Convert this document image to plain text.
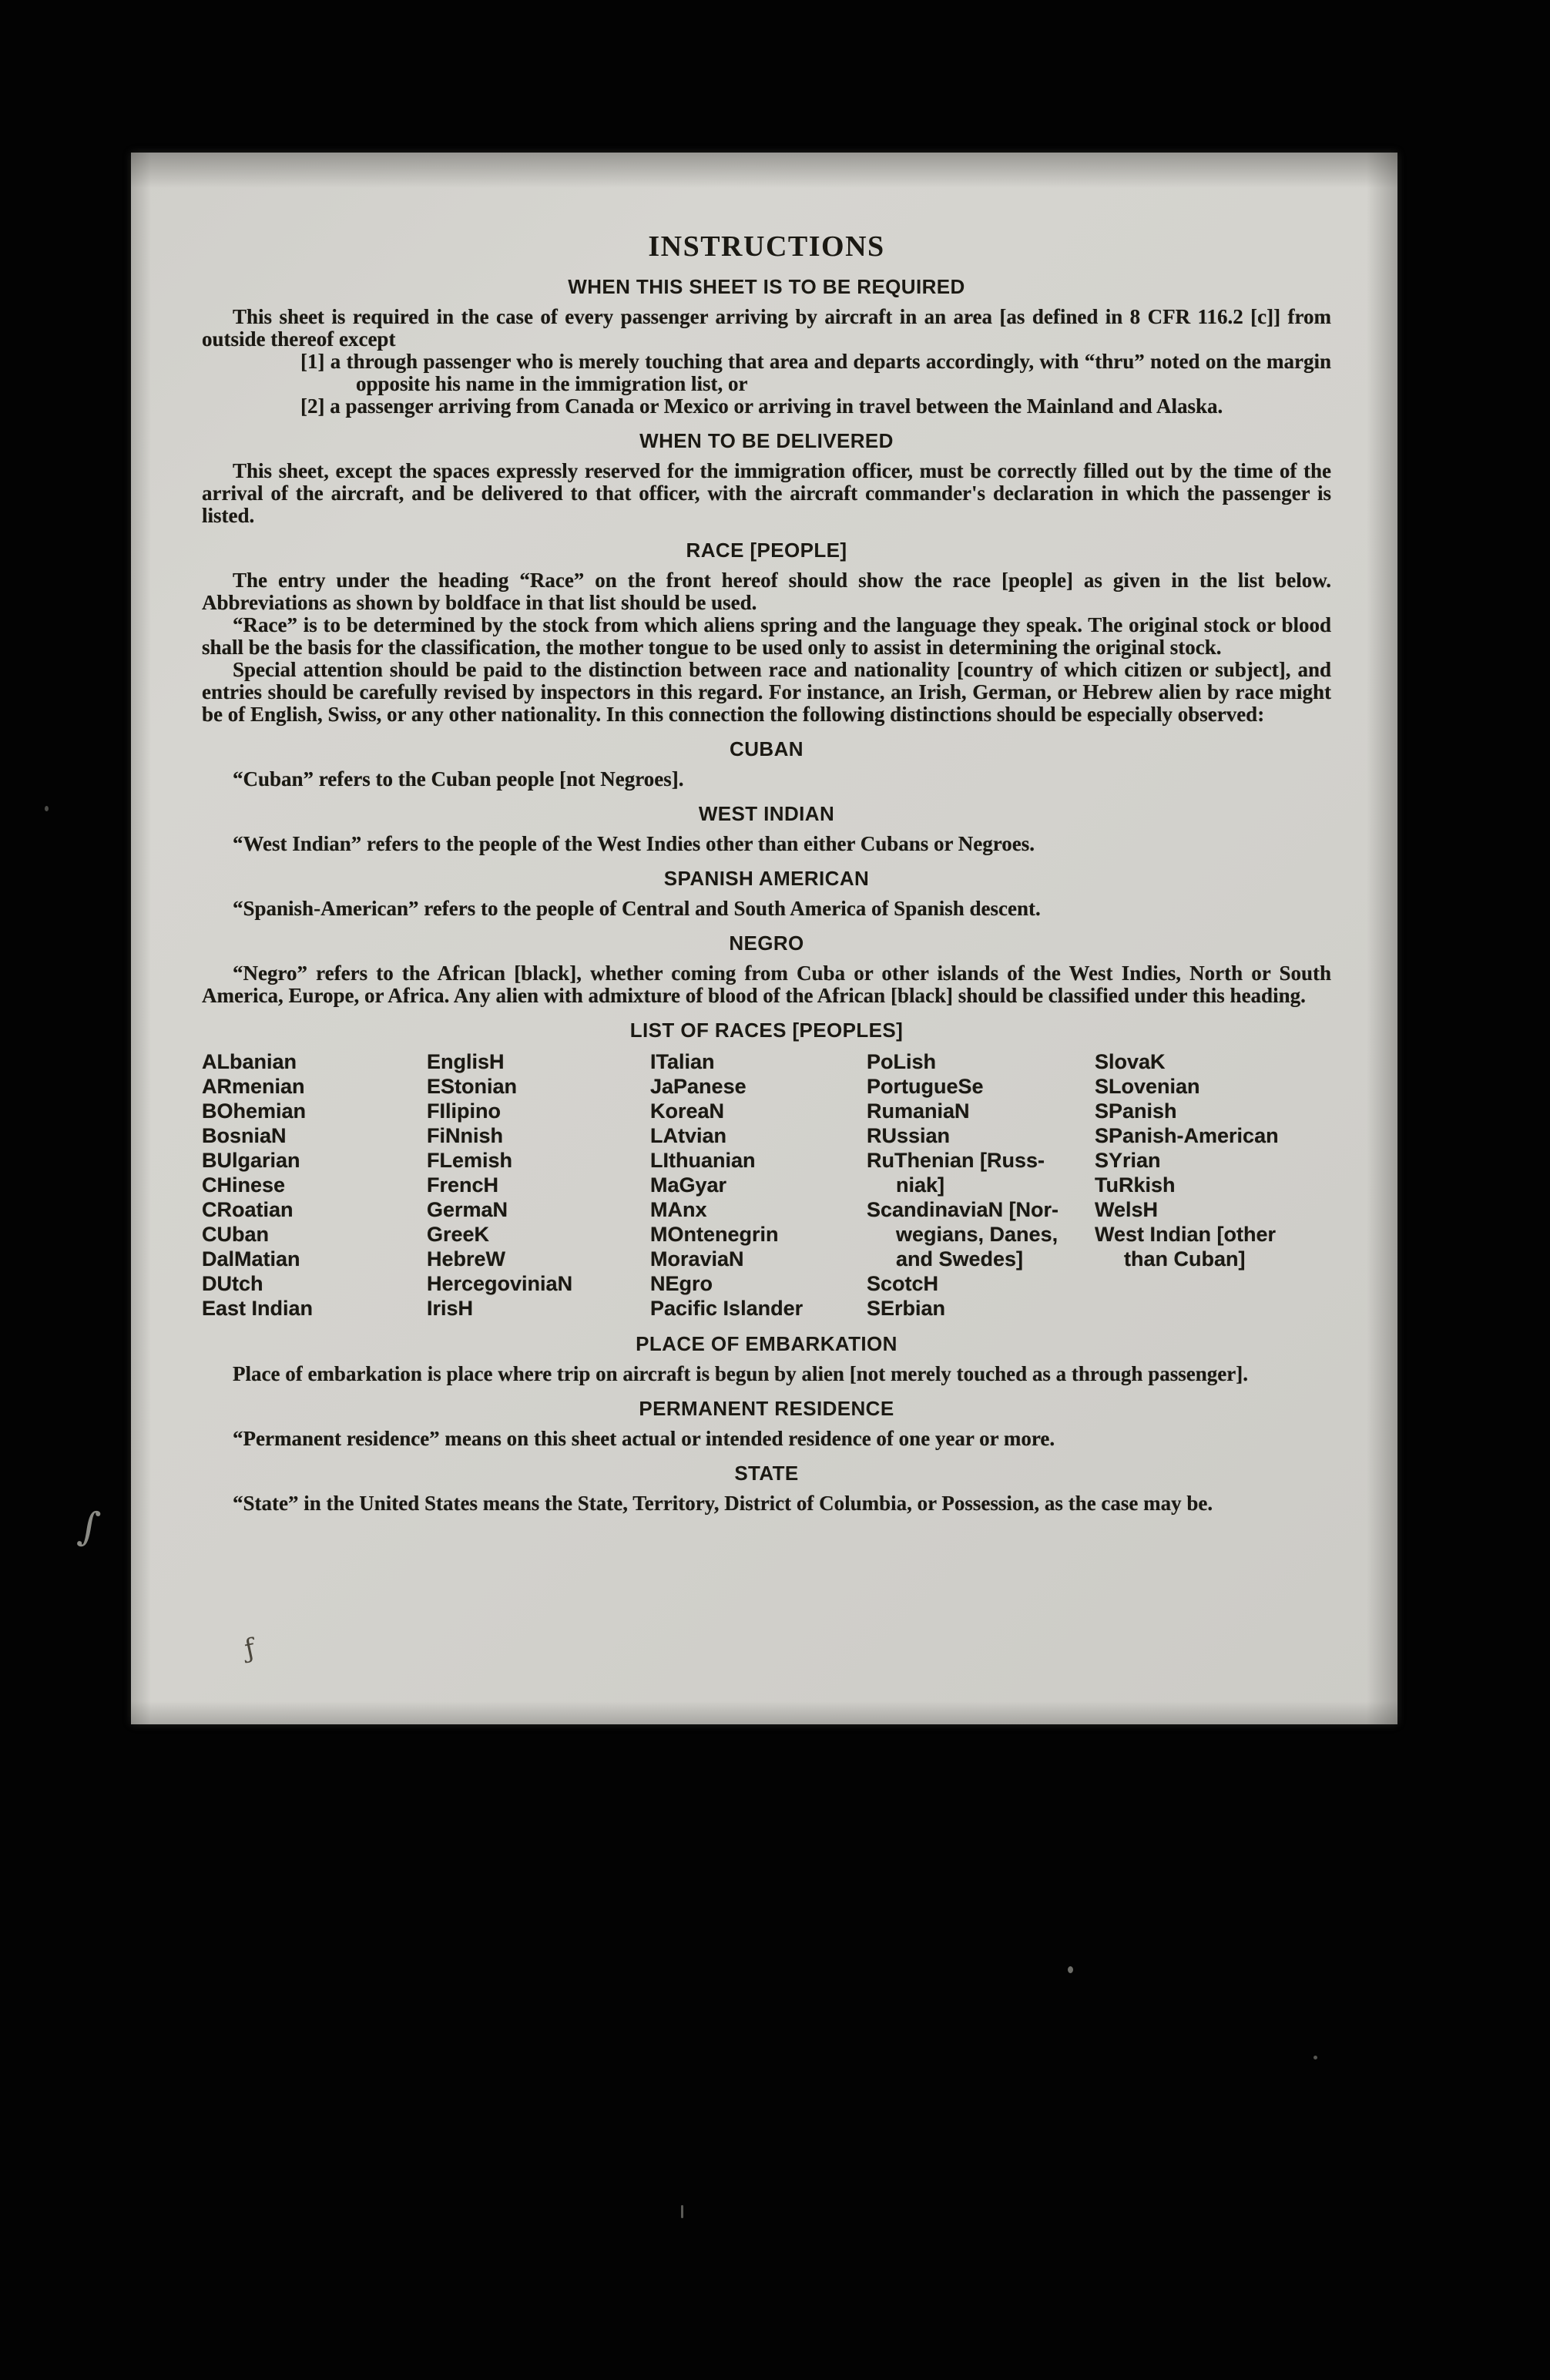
INSTRUCTIONS
WHEN THIS SHEET IS TO BE REQUIRED

This sheet is required in the case of every passenger arriving by aircraft in an area [as defined in 8 CFR 116.2 [c]] from outside thereof except

[1] a through passenger who is merely touching that area and departs accordingly, with “thru” noted on the margin opposite his name in the immigration list, or

[2] a passenger arriving from Canada or Mexico or arriving in travel between the Mainland and Alaska.

WHEN TO BE DELIVERED

This sheet, except the spaces expressly reserved for the immigration officer, must be correctly filled out by the time of the arrival of the aircraft, and be delivered to that officer, with the aircraft commander's declaration in which the passenger is listed.

RACE [PEOPLE]

The entry under the heading “Race” on the front hereof should show the race [people] as given in the list below. Abbreviations as shown by boldface in that list should be used.

“Race” is to be determined by the stock from which aliens spring and the language they speak. The original stock or blood shall be the basis for the classification, the mother tongue to be used only to assist in determining the original stock.

Special attention should be paid to the distinction between race and nationality [country of which citizen or subject], and entries should be carefully revised by inspectors in this regard. For instance, an Irish, German, or Hebrew alien by race might be of English, Swiss, or any other nationality. In this connection the following distinctions should be especially observed:

CUBAN

“Cuban” refers to the Cuban people [not Negroes].

WEST INDIAN

“West Indian” refers to the people of the West Indies other than either Cubans or Negroes.

SPANISH AMERICAN

“Spanish-American” refers to the people of Central and South America of Spanish descent.

NEGRO

“Negro” refers to the African [black], whether coming from Cuba or other islands of the West Indies, North or South America, Europe, or Africa. Any alien with admixture of blood of the African [black] should be classified under this heading.

LIST OF RACES [PEOPLES]
ALbanian
ARmenian
BOhemian
BosniaN
BUlgarian
CHinese
CRoatian
CUban
DalMatian
DUtch
East Indian
EnglisH
EStonian
FIlipino
FiNnish
FLemish
FrencH
GermaN
GreeK
HebreW
HercegoviniaN
IrisH
ITalian
JaPanese
KoreaN
LAtvian
LIthuanian
MaGyar
MAnx
MOntenegrin
MoraviaN
NEgro
Pacific Islander
PoLish
PortugueSe
RumaniaN
RUssian
RuThenian [Russ-
niak]
ScandinaviaN [Nor-
wegians, Danes,
and Swedes]
ScotcH
SErbian
SlovaK
SLovenian
SPanish
SPanish-American
SYrian
TuRkish
WelsH
West Indian [other
than Cuban]
PLACE OF EMBARKATION

Place of embarkation is place where trip on aircraft is begun by alien [not merely touched as a through passenger].

PERMANENT RESIDENCE

“Permanent residence” means on this sheet actual or intended residence of one year or more.

STATE

“State” in the United States means the State, Territory, District of Columbia, or Possession, as the case may be.

∫
ƒ
